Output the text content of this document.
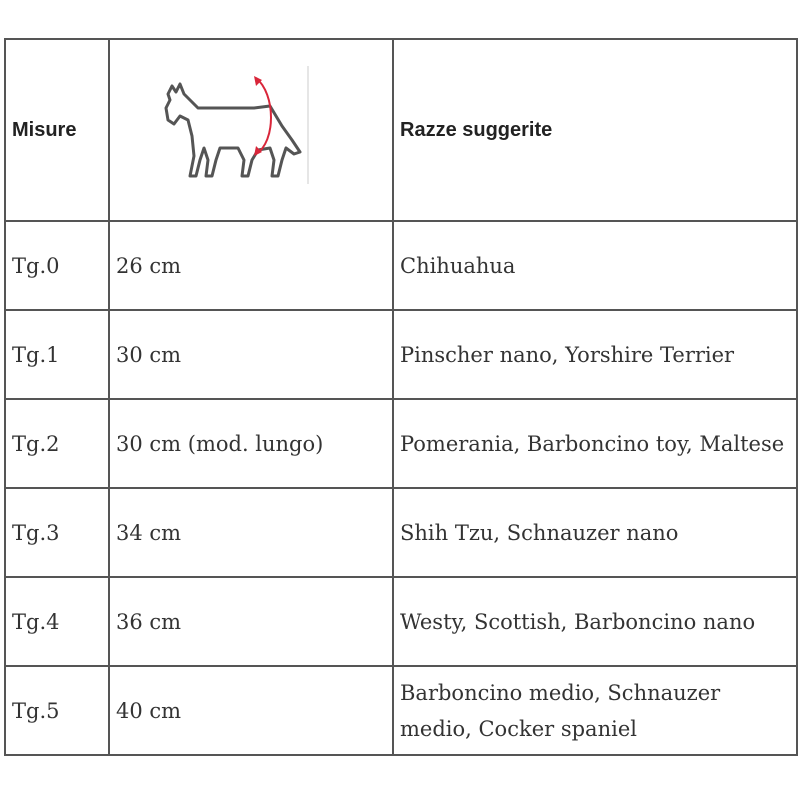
Misure		Razze suggerite
Tg.0	26 cm	Chihuahua
Tg.1	30 cm	Pinscher nano, Yorshire Terrier
Tg.2	30 cm (mod. lungo)	Pomerania, Barboncino toy, Maltese
Tg.3	34 cm	Shih Tzu, Schnauzer nano
Tg.4	36 cm	Westy, Scottish, Barboncino nano
Tg.5	40 cm	Barboncino medio, Schnauzer medio, Cocker spaniel
